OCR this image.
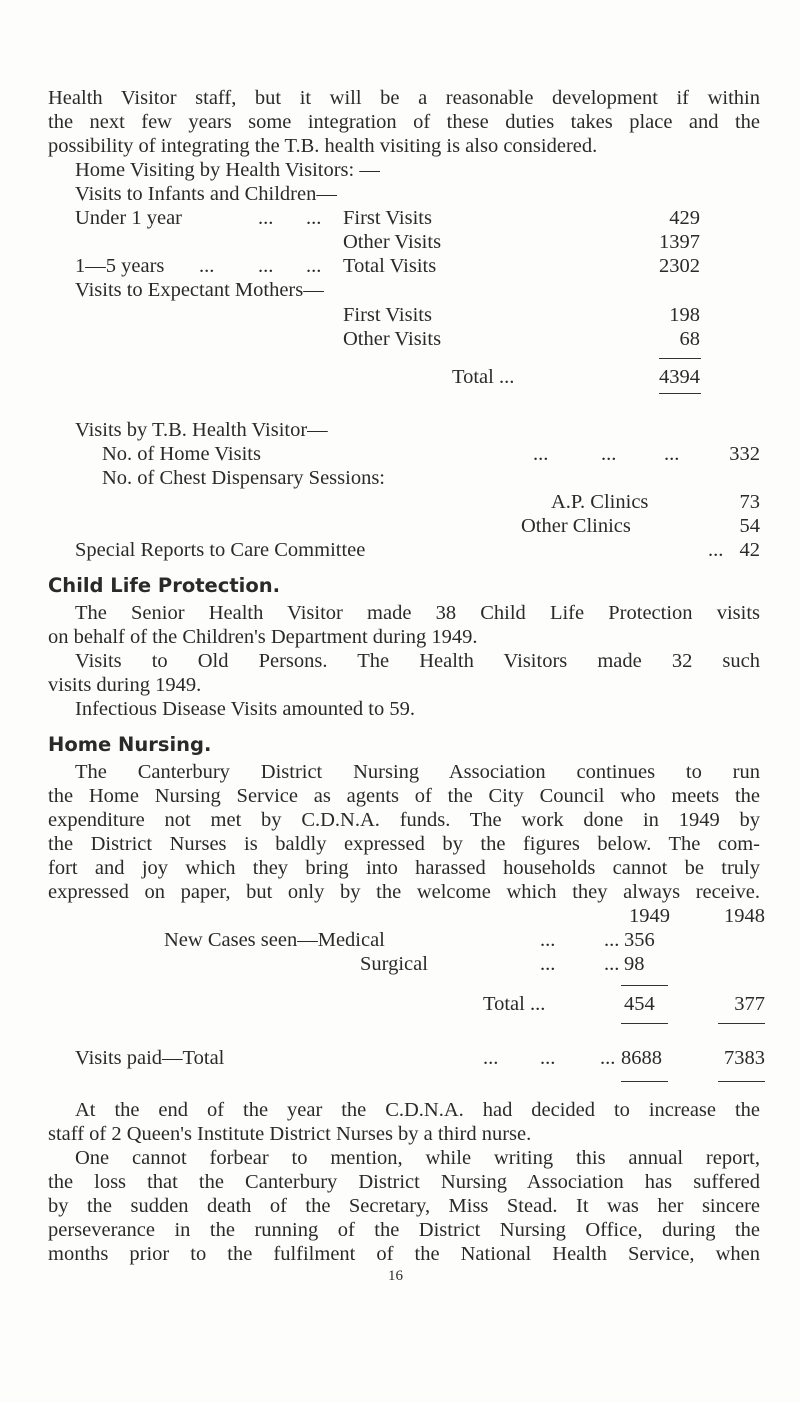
Health Visitor staff, but it will be a reasonable development if within
the next few years some integration of these duties takes place and the
possibility of integrating the T.B. health visiting is also considered.
Home Visiting by Health Visitors: —
Visits to Infants and Children—
Under 1 year	... ... First Visits	429
Other Visits	1397
1—5 years ... ... ... Total Visits	2302
Visits to Expectant Mothers—
First Visits	198
Other Visits	68
Total ...	4394
Visits by T.B. Health Visitor—
No. of Home Visits	...	... ...	332
No. of Chest Dispensary Sessions:
A.P. Clinics	73
Other Clinics	54
Special Reports to Care Committee	... 42
Child Life Protection.
The Senior Health Visitor made 38 Child Life Protection visits
on behalf of the Children's Department during 1949.
Visits to Old Persons. The Health Visitors made 32 such
visits during 1949.
Infectious Disease Visits amounted to 59.
Home Nursing.
The Canterbury District Nursing Association continues to run
the Home Nursing Service as agents of the City Council who meets the
expenditure not met by C.D.N.A. funds. The work done in 1949 by
the District Nurses is baldly expressed by the figures below. The com-
fort and joy which they bring into harassed households cannot be truly
expressed on paper, but only by the welcome which they always receive.
1949	1948
New Cases seen—Medical	... ... 356
Surgical	... ... 98
Total ...	454	377
Visits paid—Total	... ... ... 8688	7383
At the end of the year the C.D.N.A. had decided to increase the
staff of 2 Queen's Institute District Nurses by a third nurse.
One cannot forbear to mention, while writing this annual report,
the loss that the Canterbury District Nursing Association has suffered
by the sudden death of the Secretary, Miss Stead. It was her sincere
perseverance in the running of the District Nursing Office, during the
months prior to the fulfilment of the National Health Service, when
16
